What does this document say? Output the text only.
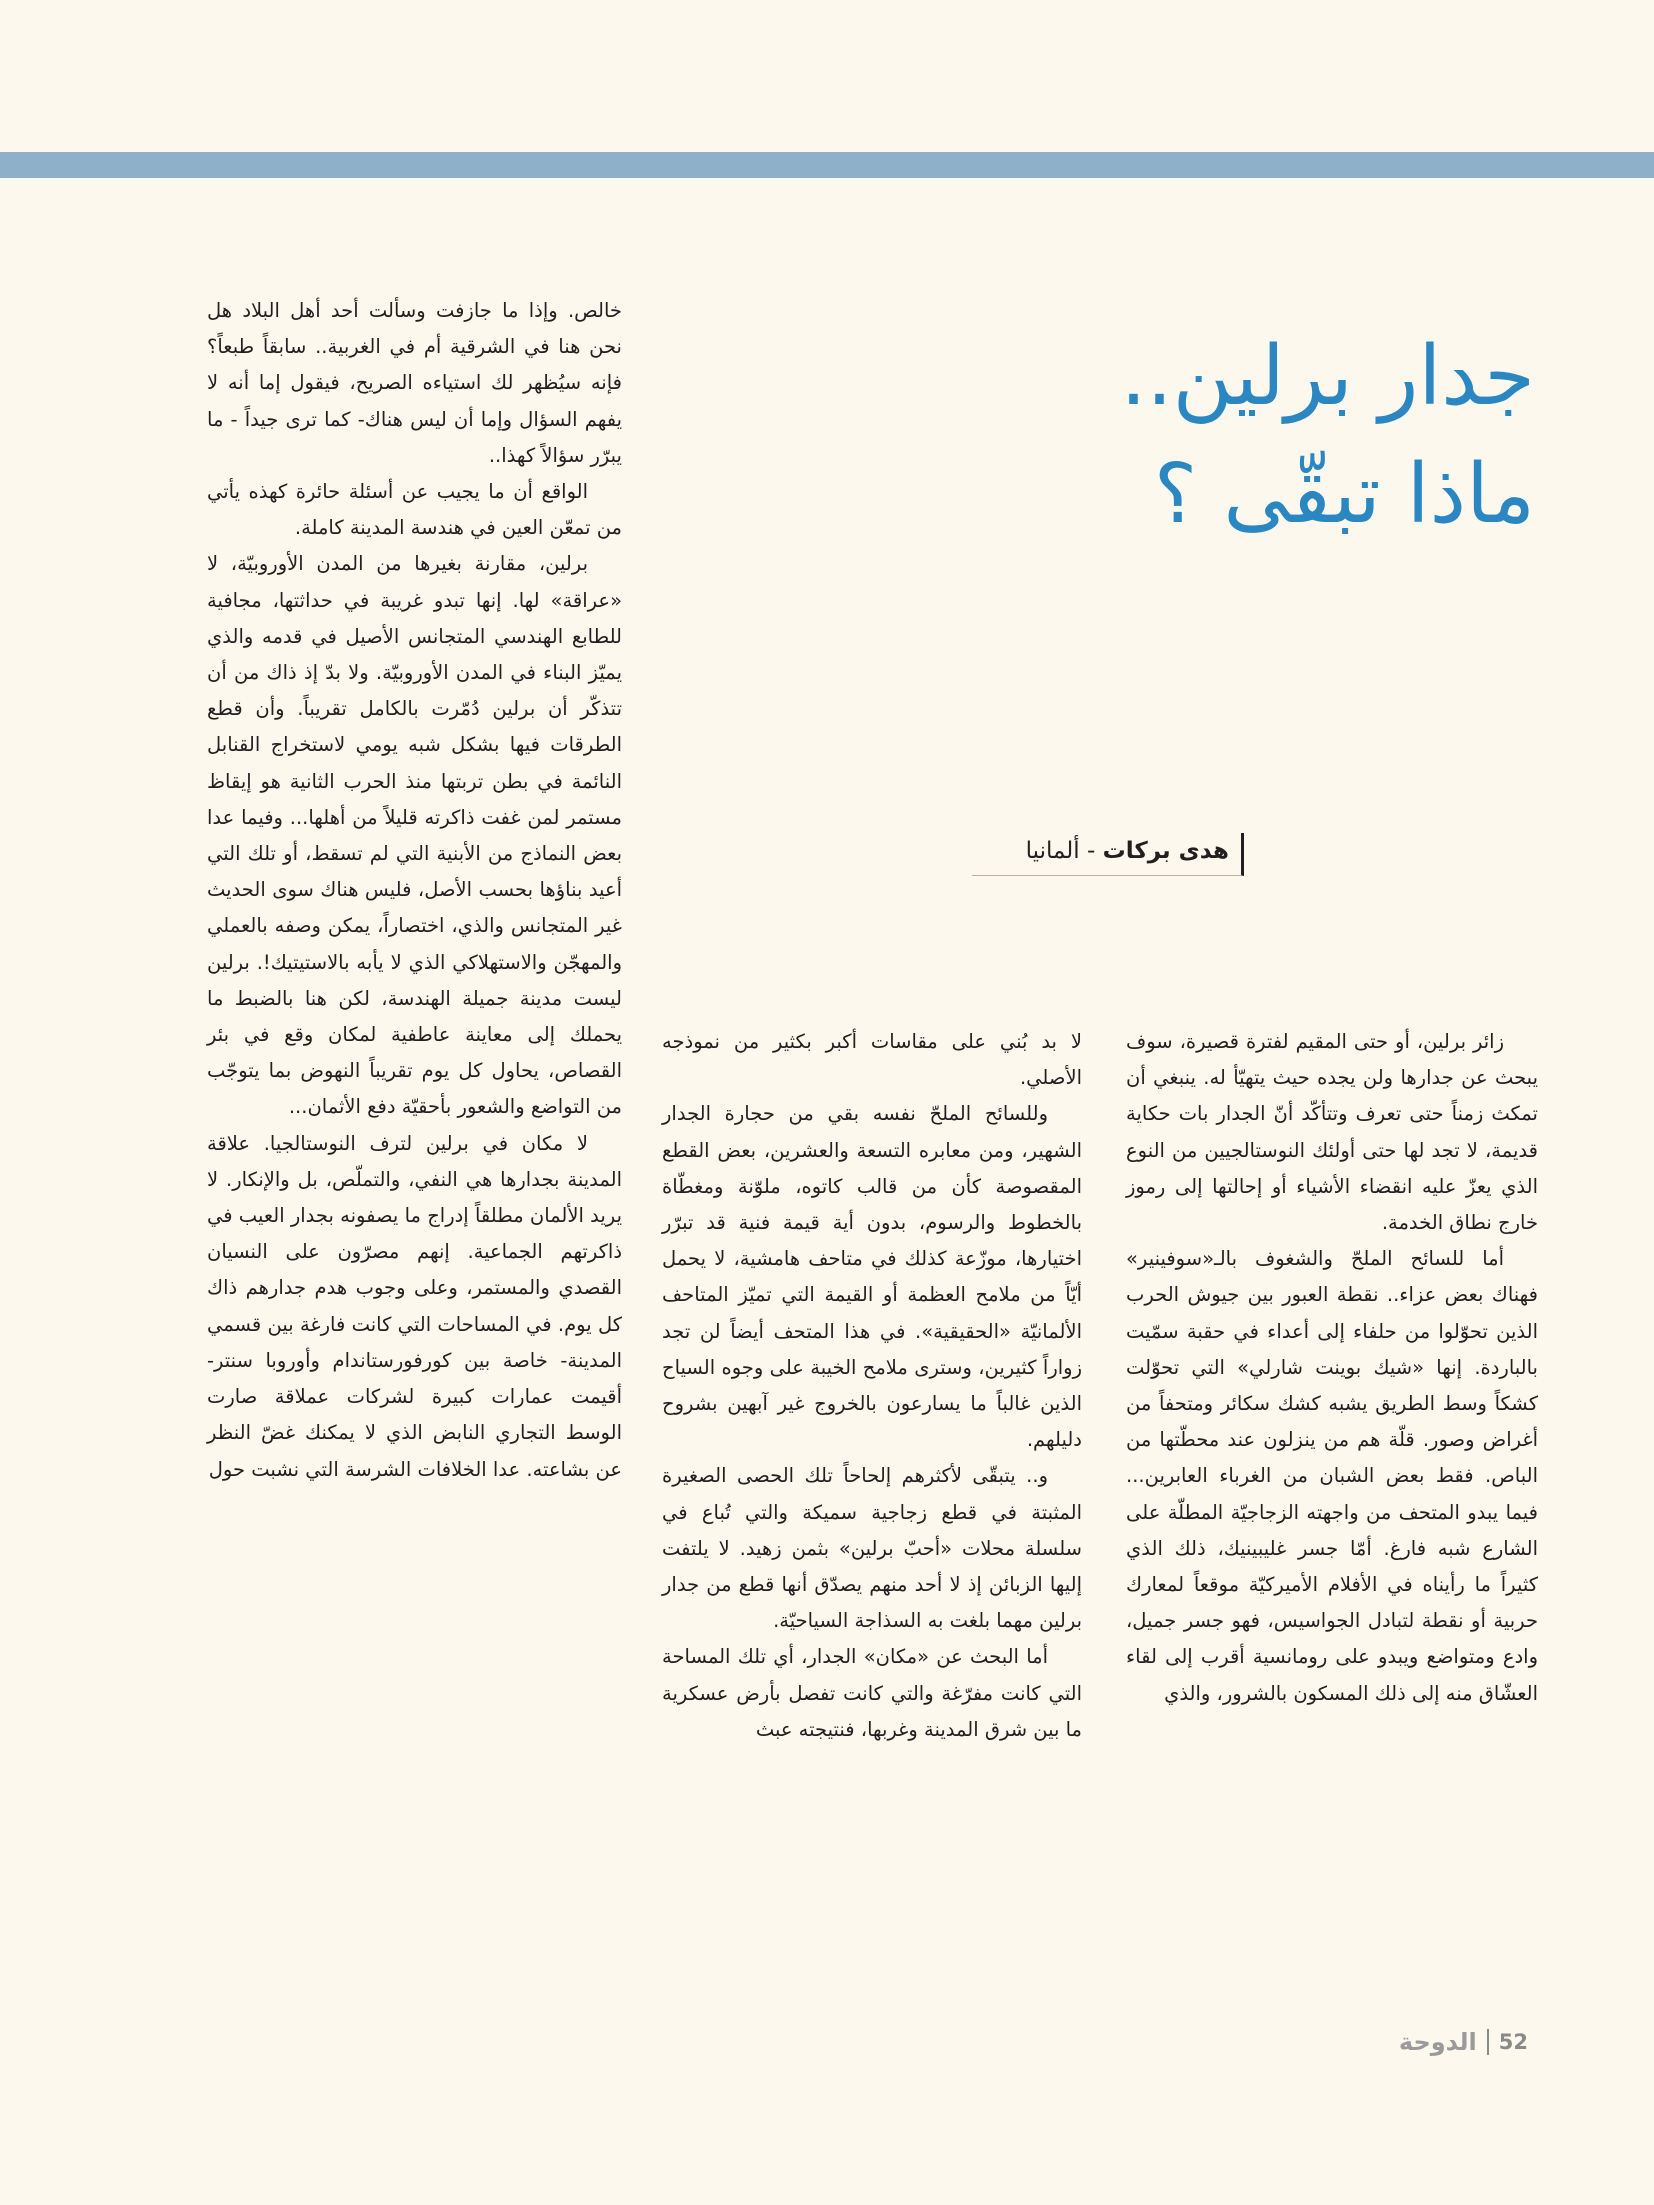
جدار برلين..
ماذا تبقّى ؟
هدى بركات - ألمانيا

زائر برلين، أو حتى المقيم لفترة قصيرة، سوف يبحث عن جدارها ولن يجده حيث يتهيّأ له. ينبغي أن تمكث زمناً حتى تعرف وتتأكّد أنّ الجدار بات حكاية قديمة، لا تجد لها حتى أولئك النوستالجيين من النوع الذي يعزّ عليه انقضاء الأشياء أو إحالتها إلى رموز خارج نطاق الخدمة.

أما للسائح الملحّ والشغوف بالـ«سوفينير» فهناك بعض عزاء.. نقطة العبور بين جيوش الحرب الذين تحوّلوا من حلفاء إلى أعداء في حقبة سمّيت بالباردة. إنها «شيك بوينت شارلي» التي تحوّلت كشكاً وسط الطريق يشبه كشك سكائر ومتحفاً من أغراض وصور. قلّة هم من ينزلون عند محطّتها من الباص. فقط بعض الشبان من الغرباء العابرين... فيما يبدو المتحف من واجهته الزجاجيّة المطلّة على الشارع شبه فارغ. أمّا جسر غليبينيك، ذلك الذي كثيراً ما رأيناه في الأفلام الأميركيّة موقعاً لمعارك حربية أو نقطة لتبادل الجواسيس، فهو جسر جميل، وادع ومتواضع ويبدو على رومانسية أقرب إلى لقاء العشّاق منه إلى ذلك المسكون بالشرور، والذي

لا بد بُني على مقاسات أكبر بكثير من نموذجه الأصلي.

وللسائح الملحّ نفسه بقي من حجارة الجدار الشهير، ومن معابره التسعة والعشرين، بعض القطع المقصوصة كأن من قالب كاتوه، ملوّنة ومغطّاة بالخطوط والرسوم، بدون أية قيمة فنية قد تبرّر اختيارها، موزّعة كذلك في متاحف هامشية، لا يحمل أيّاً من ملامح العظمة أو القيمة التي تميّز المتاحف الألمانيّة «الحقيقية». في هذا المتحف أيضاً لن تجد زواراً كثيرين، وسترى ملامح الخيبة على وجوه السياح الذين غالباً ما يسارعون بالخروج غير آبهين بشروح دليلهم.

و.. يتبقّى لأكثرهم إلحاحاً تلك الحصى الصغيرة المثبتة في قطع زجاجية سميكة والتي تُباع في سلسلة محلات «أحبّ برلين» بثمن زهيد. لا يلتفت إليها الزبائن إذ لا أحد منهم يصدّق أنها قطع من جدار برلين مهما بلغت به السذاجة السياحيّة.

أما البحث عن «مكان» الجدار، أي تلك المساحة التي كانت مفرّغة والتي كانت تفصل بأرض عسكرية ما بين شرق المدينة وغربها، فنتيجته عبث

خالص. وإذا ما جازفت وسألت أحد أهل البلاد هل نحن هنا في الشرقية أم في الغربية.. سابقاً طبعاً؟ فإنه سيُظهر لك استياءه الصريح، فيقول إما أنه لا يفهم السؤال وإما أن ليس هناك- كما ترى جيداً - ما يبرّر سؤالاً كهذا..

الواقع أن ما يجيب عن أسئلة حائرة كهذه يأتي من تمعّن العين في هندسة المدينة كاملة.

برلين، مقارنة بغيرها من المدن الأوروبيّة، لا «عراقة» لها. إنها تبدو غريبة في حداثتها، مجافية للطابع الهندسي المتجانس الأصيل في قدمه والذي يميّز البناء في المدن الأوروبيّة. ولا بدّ إذ ذاك من أن تتذكّر أن برلين دُمّرت بالكامل تقريباً. وأن قطع الطرقات فيها بشكل شبه يومي لاستخراج القنابل النائمة في بطن تربتها منذ الحرب الثانية هو إيقاظ مستمر لمن غفت ذاكرته قليلاً من أهلها... وفيما عدا بعض النماذج من الأبنية التي لم تسقط، أو تلك التي أعيد بناؤها بحسب الأصل، فليس هناك سوى الحديث غير المتجانس والذي، اختصاراً، يمكن وصفه بالعملي والمهجّن والاستهلاكي الذي لا يأبه بالاستيتيك!. برلين ليست مدينة جميلة الهندسة، لكن هنا بالضبط ما يحملك إلى معاينة عاطفية لمكان وقع في بئر القصاص، يحاول كل يوم تقريباً النهوض بما يتوجّب من التواضع والشعور بأحقيّة دفع الأثمان...

لا مكان في برلين لترف النوستالجيا. علاقة المدينة بجدارها هي النفي، والتملّص، بل والإنكار. لا يريد الألمان مطلقاً إدراج ما يصفونه بجدار العيب في ذاكرتهم الجماعية. إنهم مصرّون على النسيان القصدي والمستمر، وعلى وجوب هدم جدارهم ذاك كل يوم. في المساحات التي كانت فارغة بين قسمي المدينة- خاصة بين كورفورستاندام وأوروبا سنتر- أقيمت عمارات كبيرة لشركات عملاقة صارت الوسط التجاري النابض الذي لا يمكنك غضّ النظر عن بشاعته. عدا الخلافات الشرسة التي نشبت حول

52
الدوحة
